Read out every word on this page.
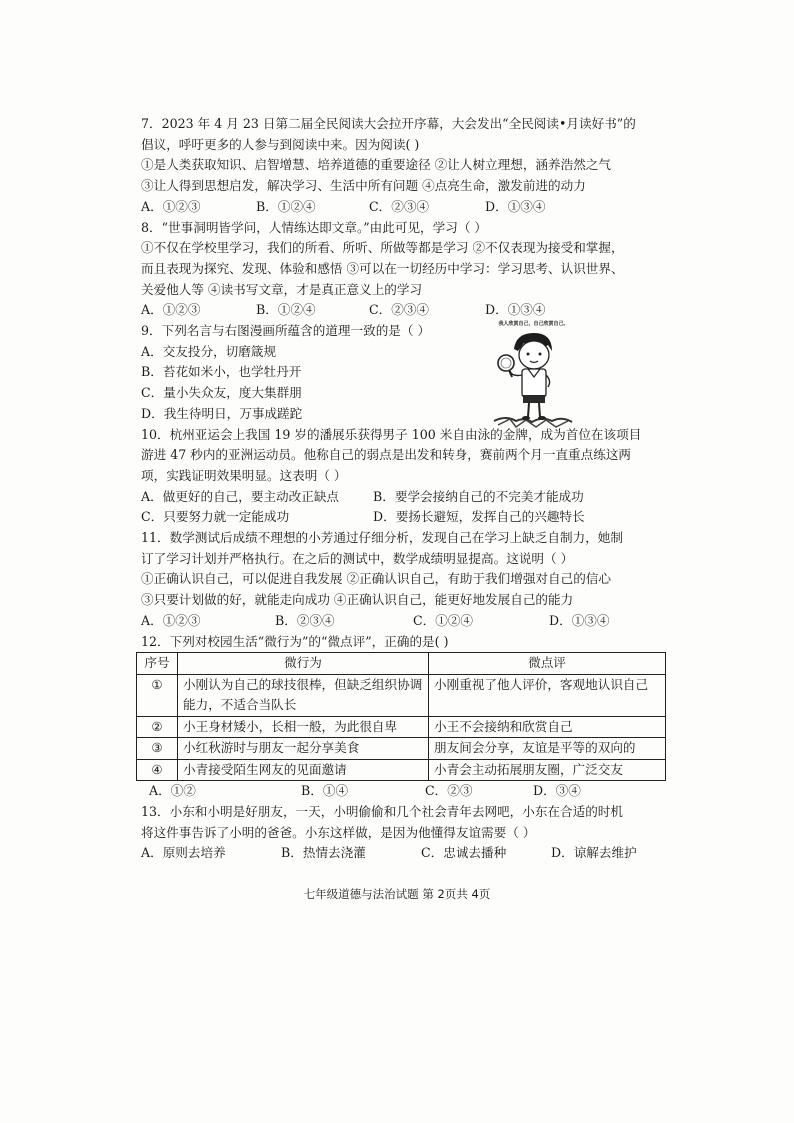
7．2023 年 4 月 23 日第二届全民阅读大会拉开序幕，大会发出“全民阅读•月读好书”的
倡议，呼吁更多的人参与到阅读中来。因为阅读( )
①是人类获取知识、启智增慧、培养道德的重要途径 ②让人树立理想，涵养浩然之气
③让人得到思想启发，解决学习、生活中所有问题 ④点亮生命，激发前进的动力
A．①②③	B．①②④	C．②③④	D．①③④
8．“世事洞明皆学问，人情练达即文章。”由此可见，学习（ ）
①不仅在学校里学习，我们的所看、所听、所做等都是学习 ②不仅表现为接受和掌握，
而且表现为探究、发现、体验和感悟 ③可以在一切经历中学习：学习思考、认识世界、
关爱他人等 ④读书写文章，才是真正意义上的学习
A．①②③	B．①②④	C．②③④	D．①③④
9．下列名言与右图漫画所蕴含的道理一致的是（ ）
A．交友投分，切磨箴规
B．苔花如米小，也学牡丹开
C．量小失众友，度大集群朋
D．我生待明日，万事成蹉跎
我人欣赏自己，自己欣赏自己。
10．杭州亚运会上我国 19 岁的潘展乐获得男子 100 米自由泳的金牌，成为首位在该项目
游进 47 秒内的亚洲运动员。他称自己的弱点是出发和转身，赛前两个月一直重点练这两
项，实践证明效果明显。这表明（ ）
A．做更好的自己，要主动改正缺点	B．要学会接纳自己的不完美才能成功
C．只要努力就一定能成功	D．要扬长避短，发挥自己的兴趣特长
11．数学测试后成绩不理想的小芳通过仔细分析，发现自己在学习上缺乏自制力，她制
订了学习计划并严格执行。在之后的测试中，数学成绩明显提高。这说明（ ）
①正确认识自己，可以促进自我发展 ②正确认识自己，有助于我们增强对自己的信心
③只要计划做的好，就能走向成功 ④正确认识自己，能更好地发展自己的能力
A．①②③	B．②③④	C．①②④	D．①③④
12．下列对校园生活“微行为”的“微点评”，正确的是( )
序号	微行为	微点评
①	小刚认为自己的球技很棒，但缺乏组织协调能力，不适合当队长	小刚重视了他人评价，客观地认识自己
②	小王身材矮小，长相一般，为此很自卑	小王不会接纳和欣赏自己
③	小红秋游时与朋友一起分享美食	朋友间会分享，友谊是平等的双向的
④	小青接受陌生网友的见面邀请	小青会主动拓展朋友圈，广泛交友
A．①②	B．①④	C．②③	D．③④
13．小东和小明是好朋友，一天，小明偷偷和几个社会青年去网吧，小东在合适的时机
将这件事告诉了小明的爸爸。小东这样做，是因为他懂得友谊需要（ ）
A．原则去培养	B．热情去浇灌	C．忠诚去播种	D．谅解去维护
七年级道德与法治试题 第 2页共 4页
